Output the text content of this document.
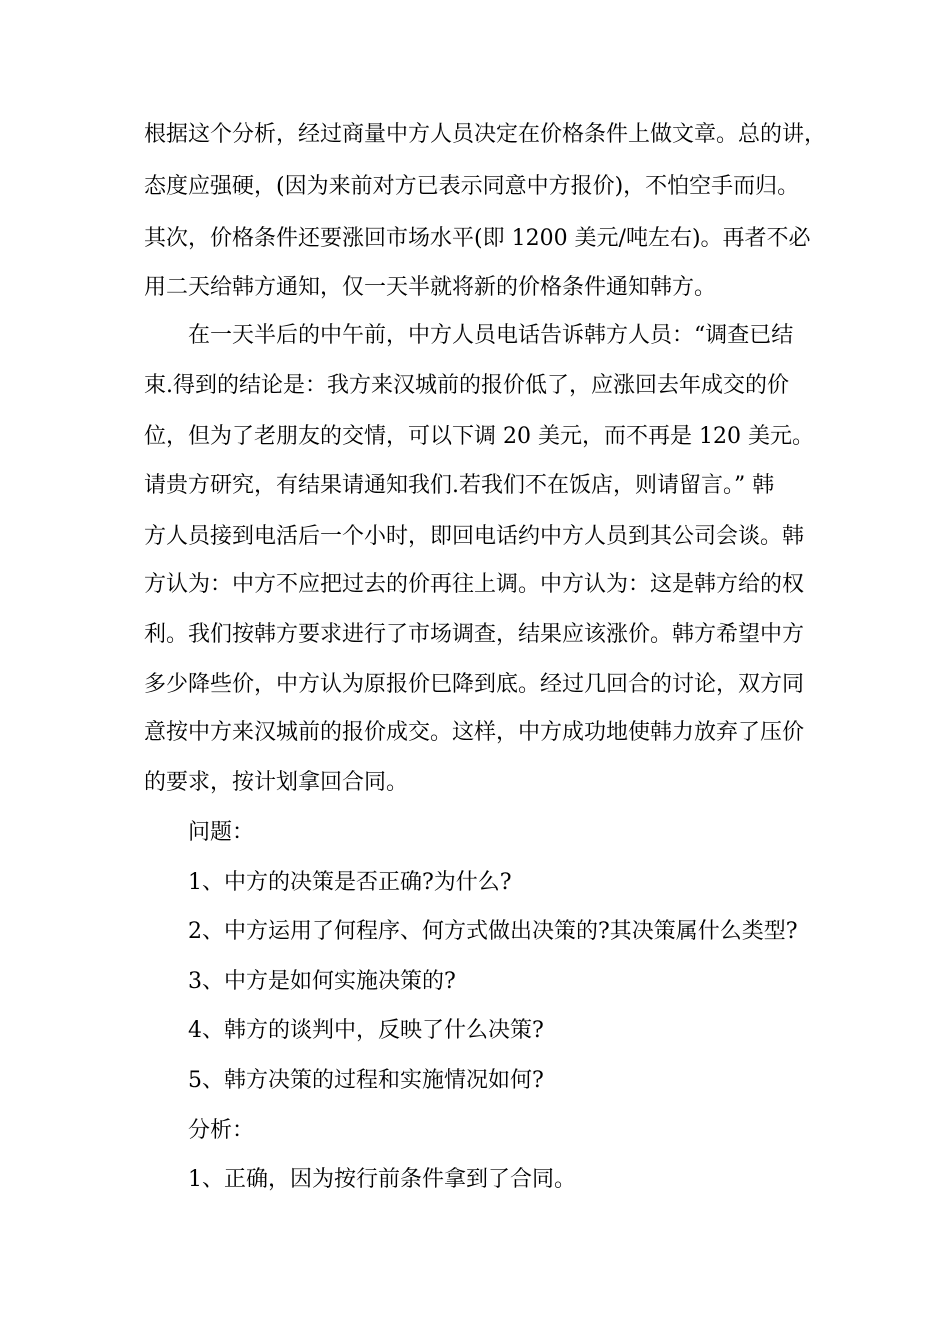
根据这个分析，经过商量中方人员决定在价格条件上做文章。总的讲，
态度应强硬，(因为来前对方已表示同意中方报价)，不怕空手而归。
其次，价格条件还要涨回市场水平(即 1200 美元/吨左右)。再者不必
用二天给韩方通知，仅一天半就将新的价格条件通知韩方。
在一天半后的中午前，中方人员电话告诉韩方人员：“调查已结
束.得到的结论是：我方来汉城前的报价低了，应涨回去年成交的价
位，但为了老朋友的交情，可以下调 20 美元，而不再是 120 美元。
请贵方研究，有结果请通知我们.若我们不在饭店，则请留言。” 韩
方人员接到电活后一个小时，即回电话约中方人员到其公司会谈。韩
方认为：中方不应把过去的价再往上调。中方认为：这是韩方给的权
利。我们按韩方要求进行了市场调查，结果应该涨价。韩方希望中方
多少降些价，中方认为原报价巳降到底。经过几回合的讨论，双方同
意按中方来汉城前的报价成交。这样，中方成功地使韩力放弃了压价
的要求，按计划拿回合同。
问题：
1、中方的决策是否正确?为什么?
2、中方运用了何程序、何方式做出决策的?其决策属什么类型?
3、中方是如何实施决策的?
4、韩方的谈判中，反映了什么决策?
5、韩方决策的过程和实施情况如何?
分析：
1、正确，因为按行前条件拿到了合同。
